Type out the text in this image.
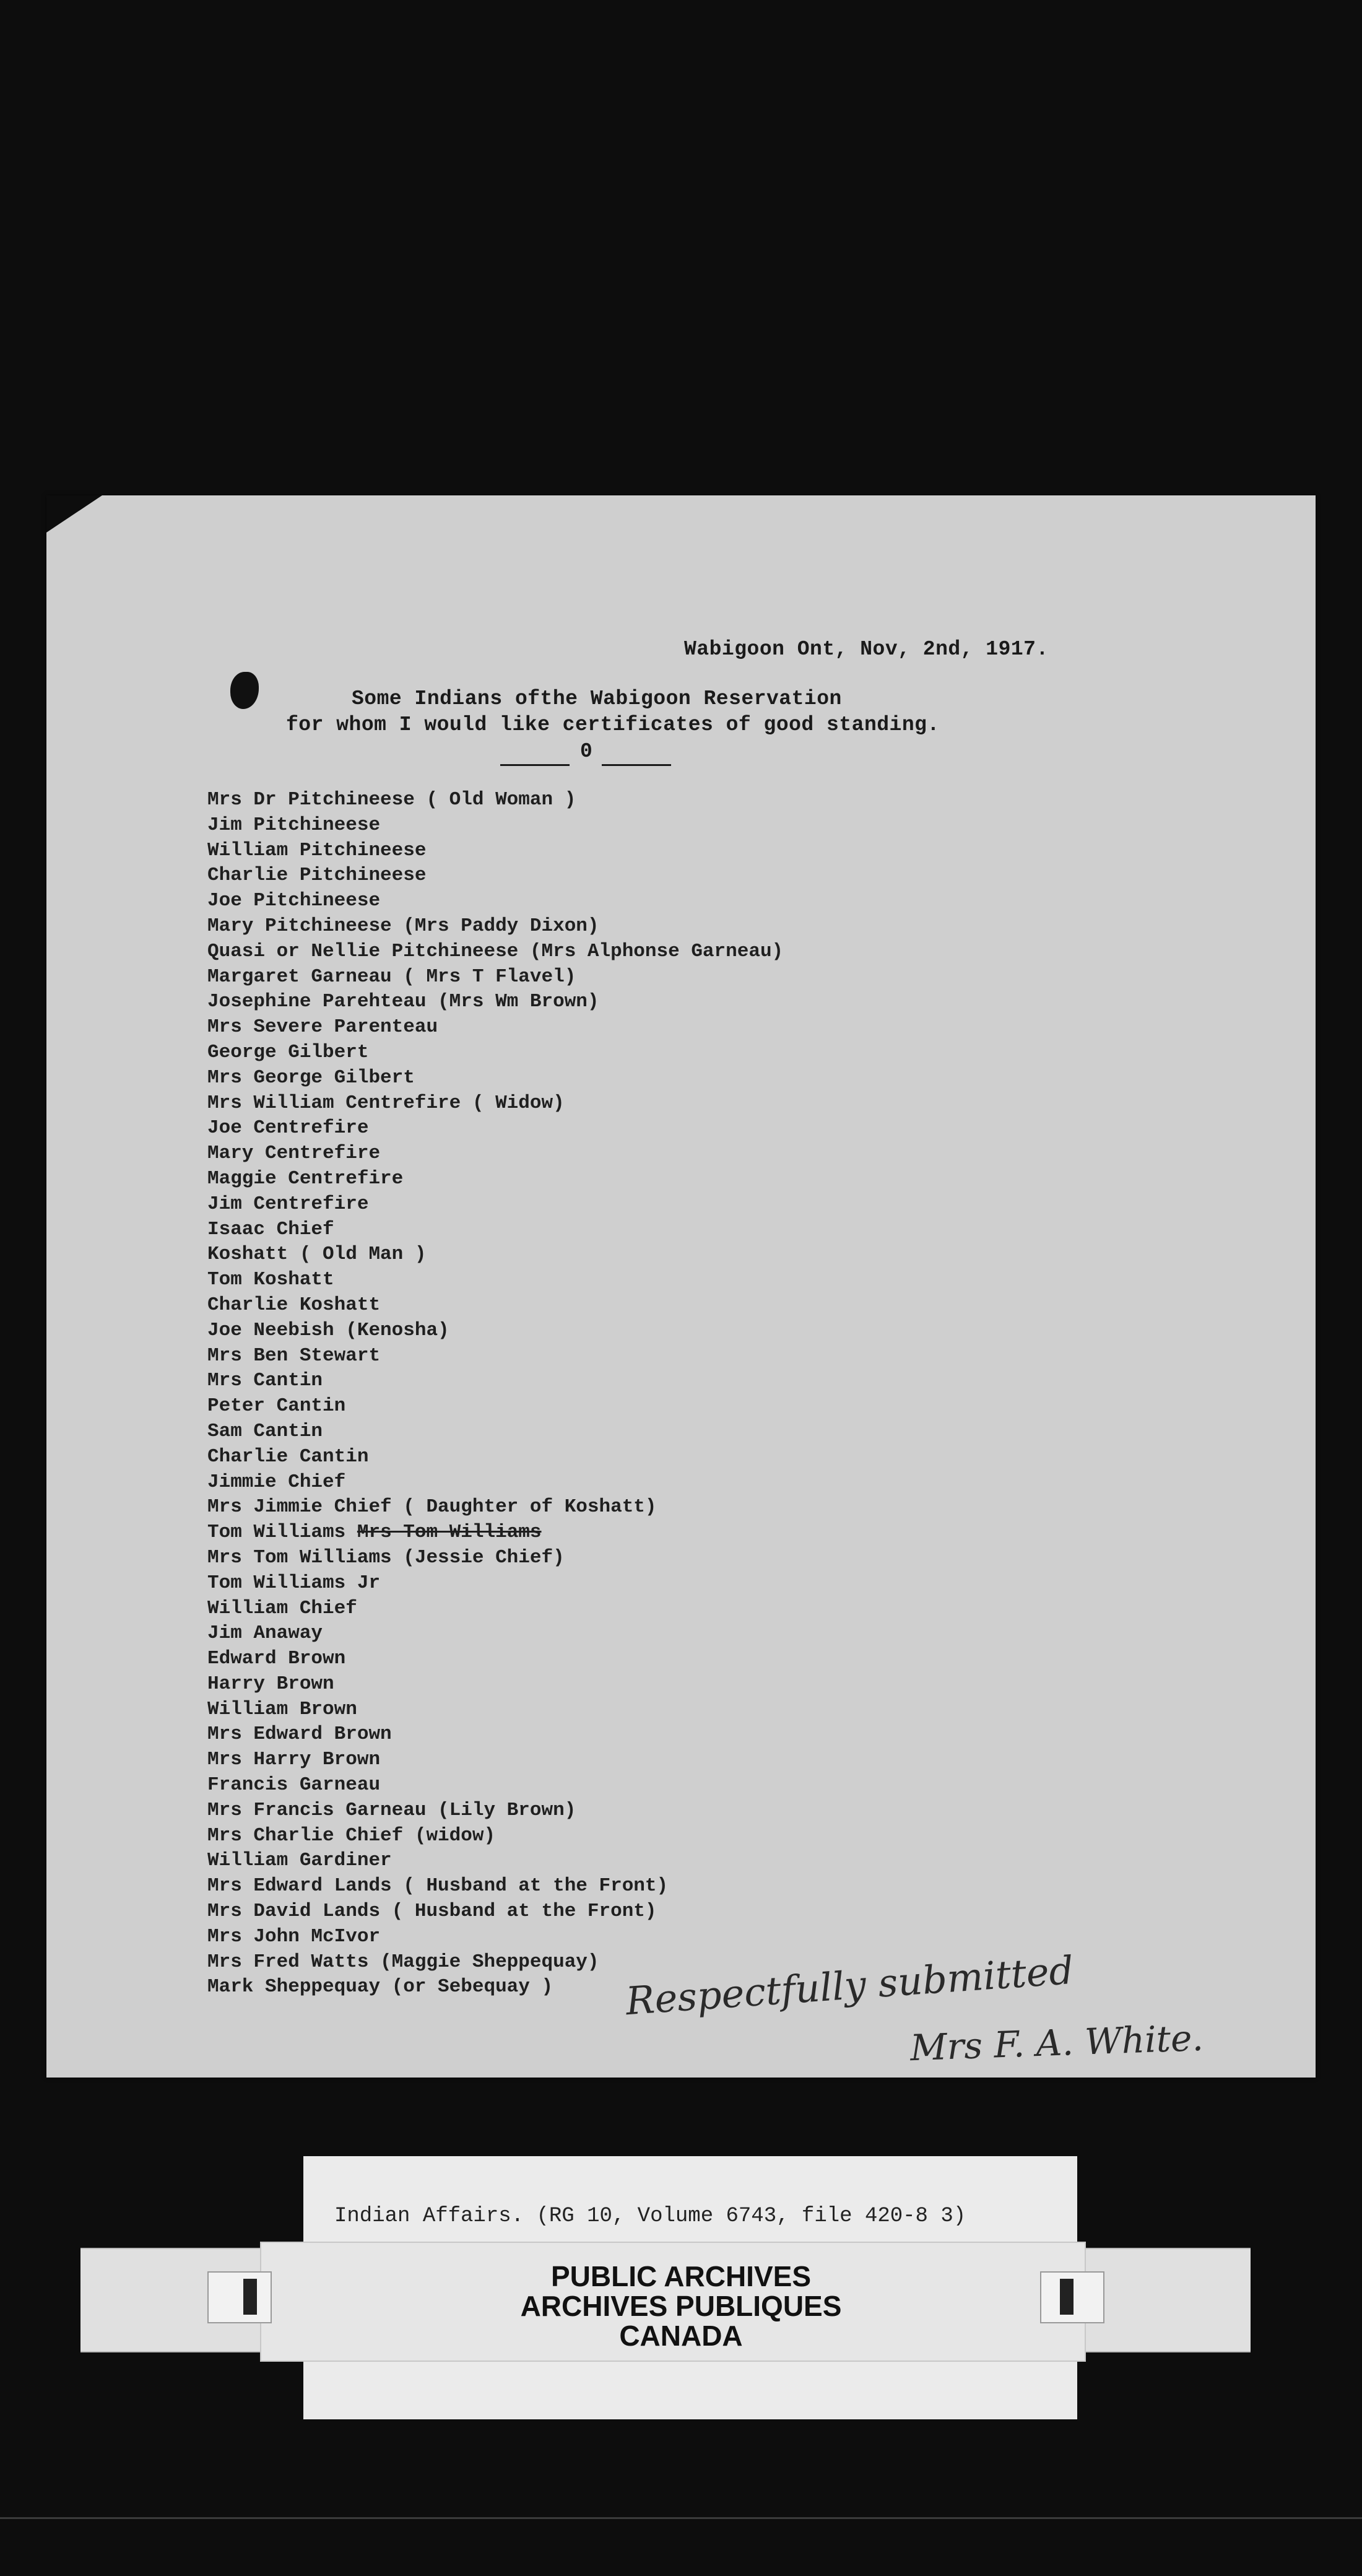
Wabigoon Ont, Nov, 2nd, 1917.
Some Indians ofthe Wabigoon Reservation
for whom I would like certificates of good standing.
0
Mrs Dr Pitchineese ( Old Woman )
Jim Pitchineese
William Pitchineese
Charlie Pitchineese
Joe Pitchineese
Mary Pitchineese (Mrs Paddy Dixon)
Quasi or Nellie Pitchineese (Mrs Alphonse Garneau)
Margaret Garneau ( Mrs T Flavel)
Josephine Parehteau (Mrs Wm Brown)
Mrs Severe Parenteau
George Gilbert
Mrs George Gilbert
Mrs William Centrefire ( Widow)
Joe Centrefire
Mary Centrefire
Maggie Centrefire
Jim Centrefire
Isaac Chief
Koshatt ( Old Man )
Tom Koshatt
Charlie Koshatt
Joe Neebish (Kenosha)
Mrs Ben Stewart
Mrs Cantin
Peter Cantin
Sam Cantin
Charlie Cantin
Jimmie Chief
Mrs Jimmie Chief ( Daughter of Koshatt)
Tom Williams Mrs Tom Williams
Mrs Tom Williams (Jessie Chief)
Tom Williams Jr
William Chief
Jim Anaway
Edward Brown
Harry Brown
William Brown
Mrs Edward Brown
Mrs Harry Brown
Francis Garneau
Mrs Francis Garneau (Lily Brown)
Mrs Charlie Chief (widow)
William Gardiner
Mrs Edward Lands ( Husband at the Front)
Mrs David Lands ( Husband at the Front)
Mrs John McIvor
Mrs Fred Watts (Maggie Sheppequay)
Mark Sheppequay (or Sebequay )	Respectfully submitted
Mrs F. A. White.
Indian Affairs. (RG 10, Volume 6743, file 420-8 3)
PUBLIC ARCHIVES
ARCHIVES PUBLIQUES
CANADA
